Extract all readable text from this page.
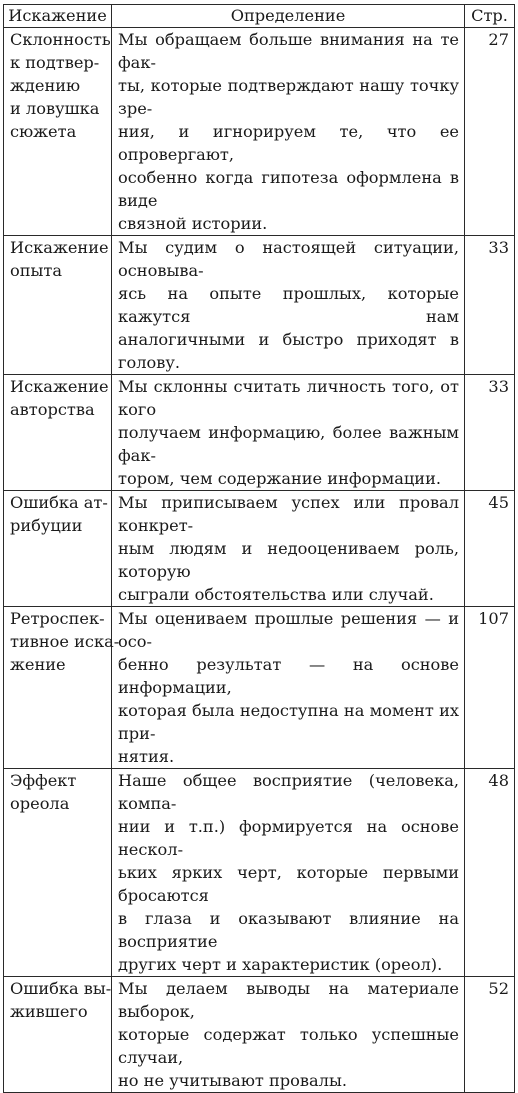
Искажение	Определение	Стр.

Склонность
к подтвер-
ждению
и ловушка
сюжета	Мы обращаем больше внимания на те фак-
ты, которые подтверждают нашу точку зре-
ния, и игнорируем те, что ее опровергают,
особенно когда гипотеза оформлена в виде
связной истории.	27

Искажение
опыта	Мы судим о настоящей ситуации, основыва-
ясь на опыте прошлых, которые кажутся нам
аналогичными и быстро приходят в голову.	33

Искажение
авторства	Мы склонны считать личность того, от кого
получаем информацию, более важным фак-
тором, чем содержание информации.	33

Ошибка ат-
рибуции	Мы приписываем успех или провал конкрет-
ным людям и недооцениваем роль, которую
сыграли обстоятельства или случай.	45

Ретроспек-
тивное иска-
жение	Мы оцениваем прошлые решения — и осо-
бенно результат — на основе информации,
которая была недоступна на момент их при-
нятия.	107

Эффект
ореола	Наше общее восприятие (человека, компа-
нии и т.п.) формируется на основе нескол-
ьких ярких черт, которые первыми бросаются
в глаза и оказывают влияние на восприятие
других черт и характеристик (ореол).	48

Ошибка вы-
жившего	Мы делаем выводы на материале выборок,
которые содержат только успешные случаи,
но не учитывают провалы.	52
